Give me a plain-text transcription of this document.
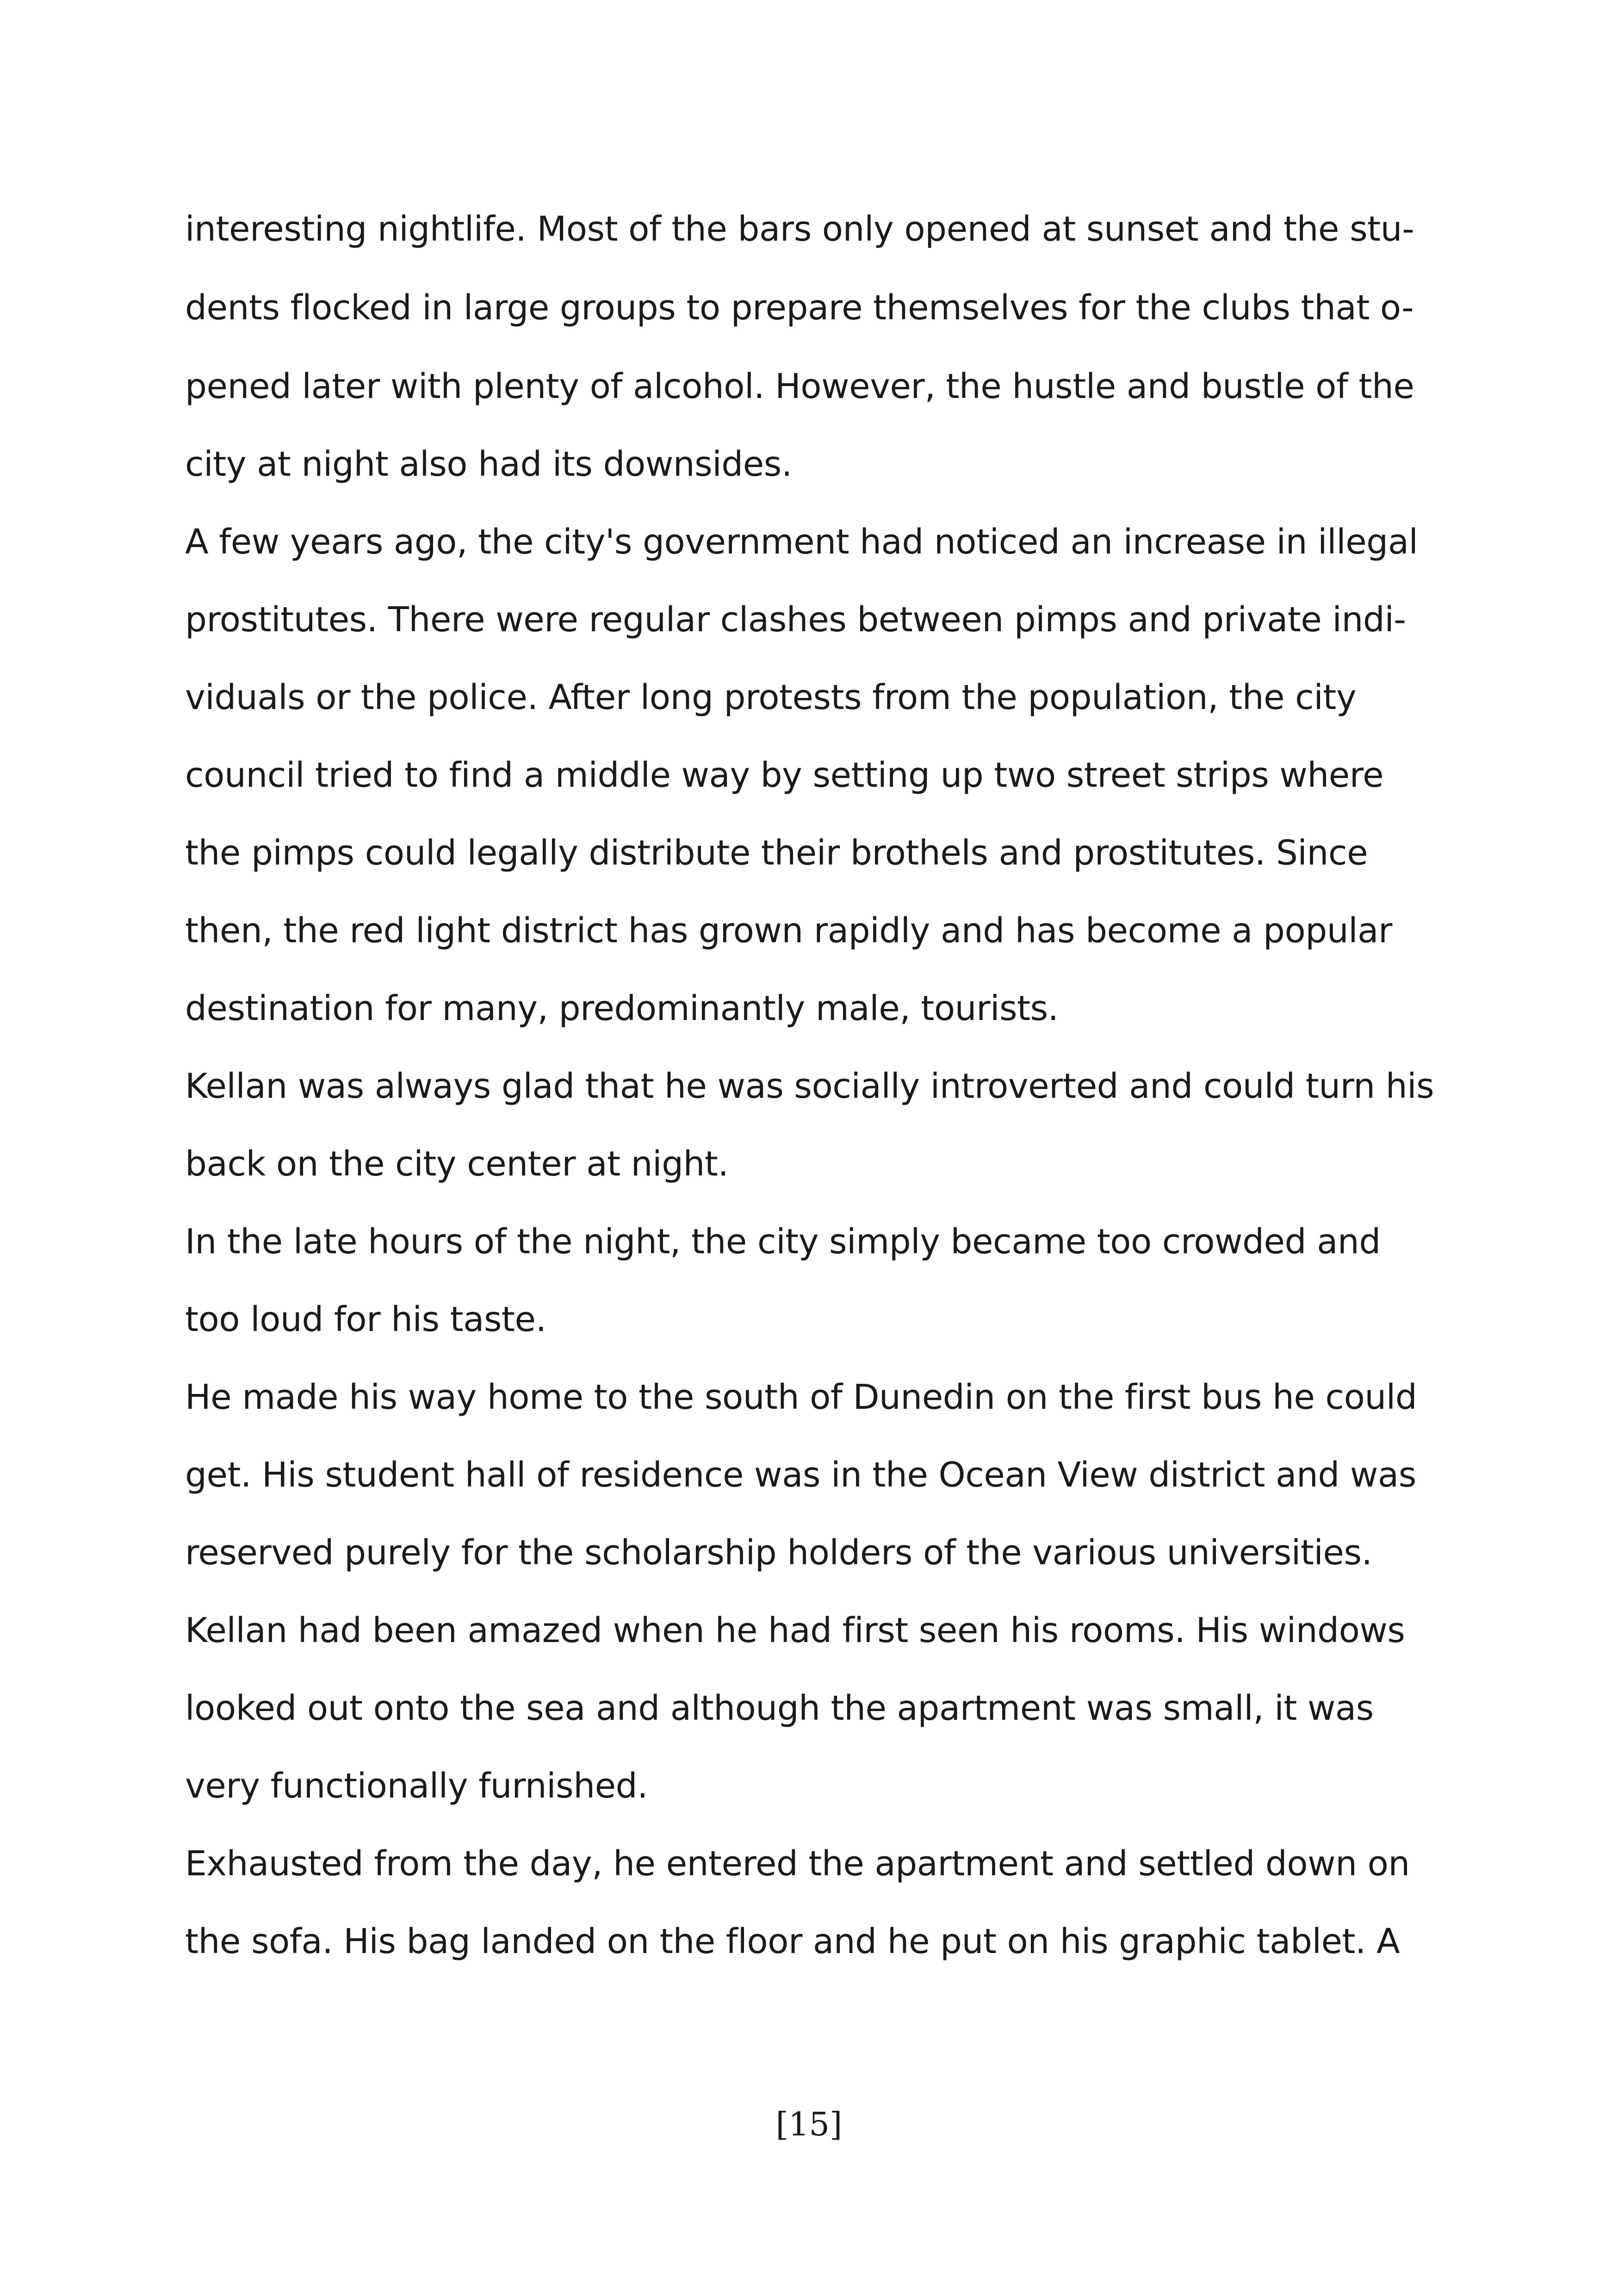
interesting nightlife. Most of the bars only opened at sunset and the stu-

dents flocked in large groups to prepare themselves for the clubs that o-

pened later with plenty of alcohol. However, the hustle and bustle of the

city at night also had its downsides.

A few years ago, the city's government had noticed an increase in illegal

prostitutes. There were regular clashes between pimps and private indi-

viduals or the police. After long protests from the population, the city

council tried to find a middle way by setting up two street strips where

the pimps could legally distribute their brothels and prostitutes. Since

then, the red light district has grown rapidly and has become a popular

destination for many, predominantly male, tourists.

Kellan was always glad that he was socially introverted and could turn his

back on the city center at night.

In the late hours of the night, the city simply became too crowded and

too loud for his taste.

He made his way home to the south of Dunedin on the first bus he could

get. His student hall of residence was in the Ocean View district and was

reserved purely for the scholarship holders of the various universities.

Kellan had been amazed when he had first seen his rooms. His windows

looked out onto the sea and although the apartment was small, it was

very functionally furnished.

Exhausted from the day, he entered the apartment and settled down on

the sofa. His bag landed on the floor and he put on his graphic tablet. A

[15]
